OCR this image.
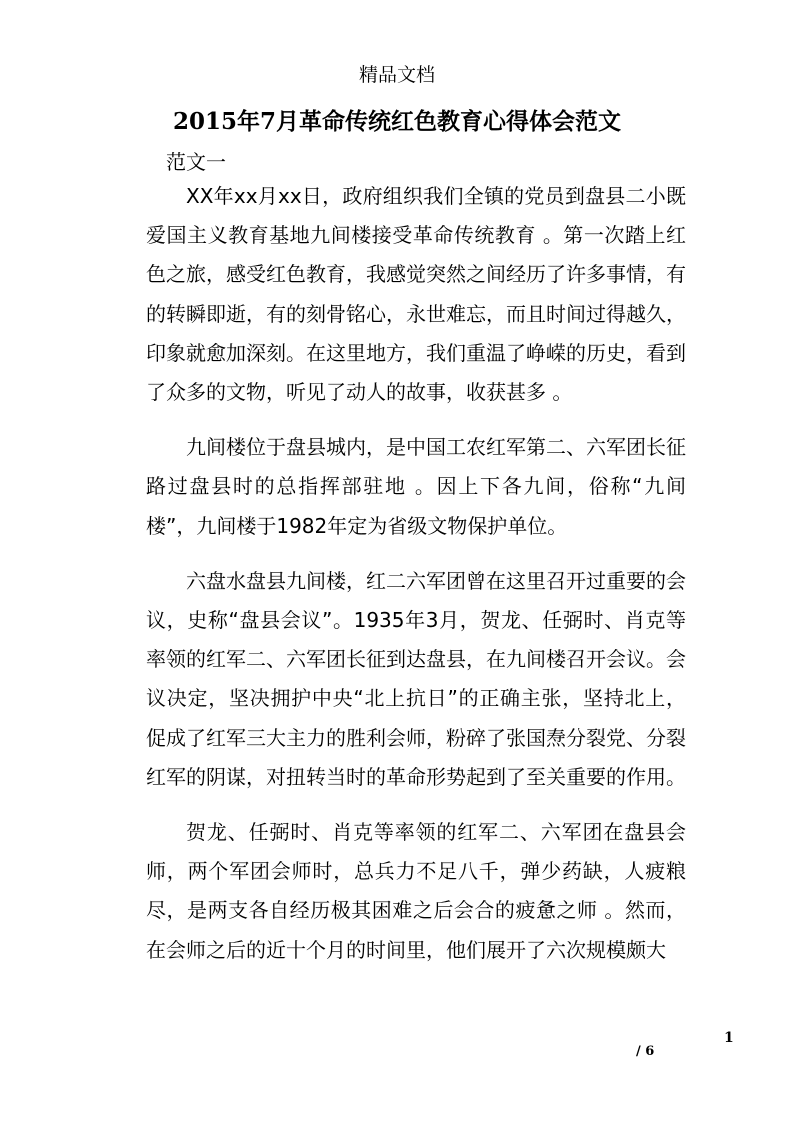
精品文档
2015年7月革命传统红色教育心得体会范文
范文一

XX年xx月xx日，政府组织我们全镇的党员到盘县二小既爱国主义教育基地九间楼接受革命传统教育 。第一次踏上红色之旅，感受红色教育，我感觉突然之间经历了许多事情，有的转瞬即逝，有的刻骨铭心，永世难忘，而且时间过得越久，印象就愈加深刻。在这里地方，我们重温了峥嵘的历史，看到了众多的文物，听见了动人的故事，收获甚多 。

九间楼位于盘县城内，是中国工农红军第二、六军团长征路过盘县时的总指挥部驻地 。因上下各九间，俗称“九间楼”，九间楼于1982年定为省级文物保护单位。

六盘水盘县九间楼，红二六军团曾在这里召开过重要的会议，史称“盘县会议”。1935年3月，贺龙、任弼时、肖克等率领的红军二、六军团长征到达盘县，在九间楼召开会议。会议决定，坚决拥护中央“北上抗日”的正确主张，坚持北上，促成了红军三大主力的胜利会师，粉碎了张国焘分裂党、分裂红军的阴谋，对扭转当时的革命形势起到了至关重要的作用。

贺龙、任弼时、肖克等率领的红军二、六军团在盘县会师，两个军团会师时，总兵力不足八千，弹少药缺，人疲粮尽，是两支各自经历极其困难之后会合的疲惫之师 。然而，在会师之后的近十个月的时间里，他们展开了六次规模颇大

1
/ 6
